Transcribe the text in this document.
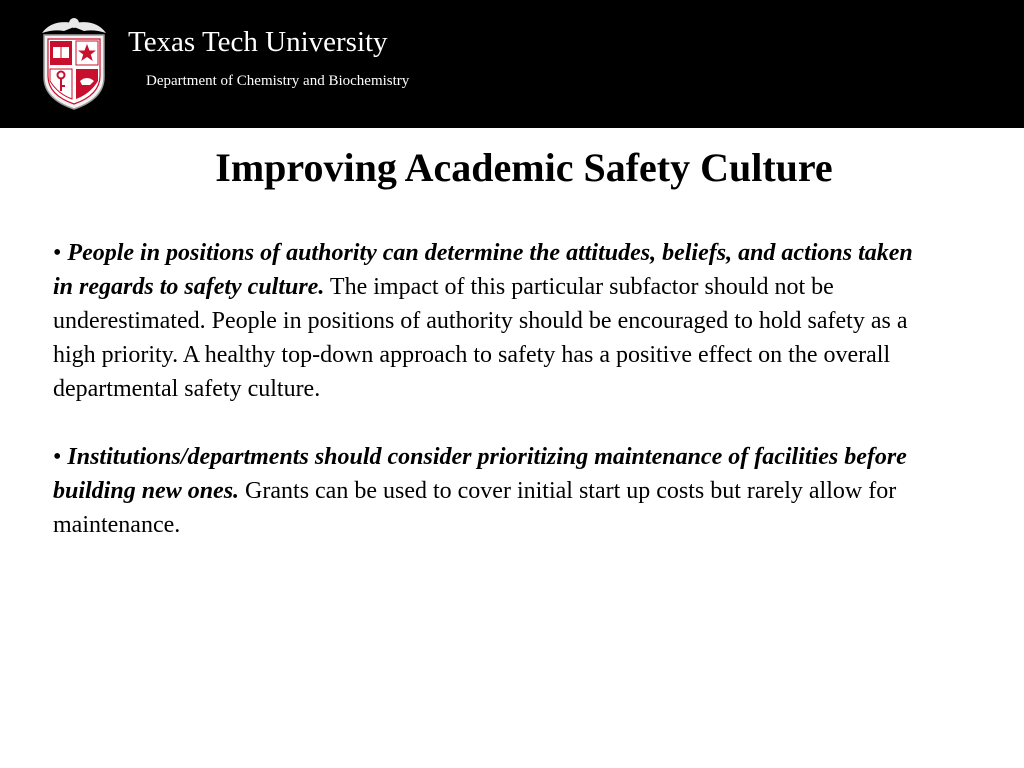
Texas Tech University
Department of Chemistry and Biochemistry
Improving Academic Safety Culture

• People in positions of authority can determine the attitudes, beliefs, and actions taken in regards to safety culture. The impact of this particular subfactor should not be underestimated. People in positions of authority should be encouraged to hold safety as a high priority. A healthy top-down approach to safety has a positive effect on the overall departmental safety culture.

• Institutions/departments should consider prioritizing maintenance of facilities before building new ones. Grants can be used to cover initial start up costs but rarely allow for maintenance.
